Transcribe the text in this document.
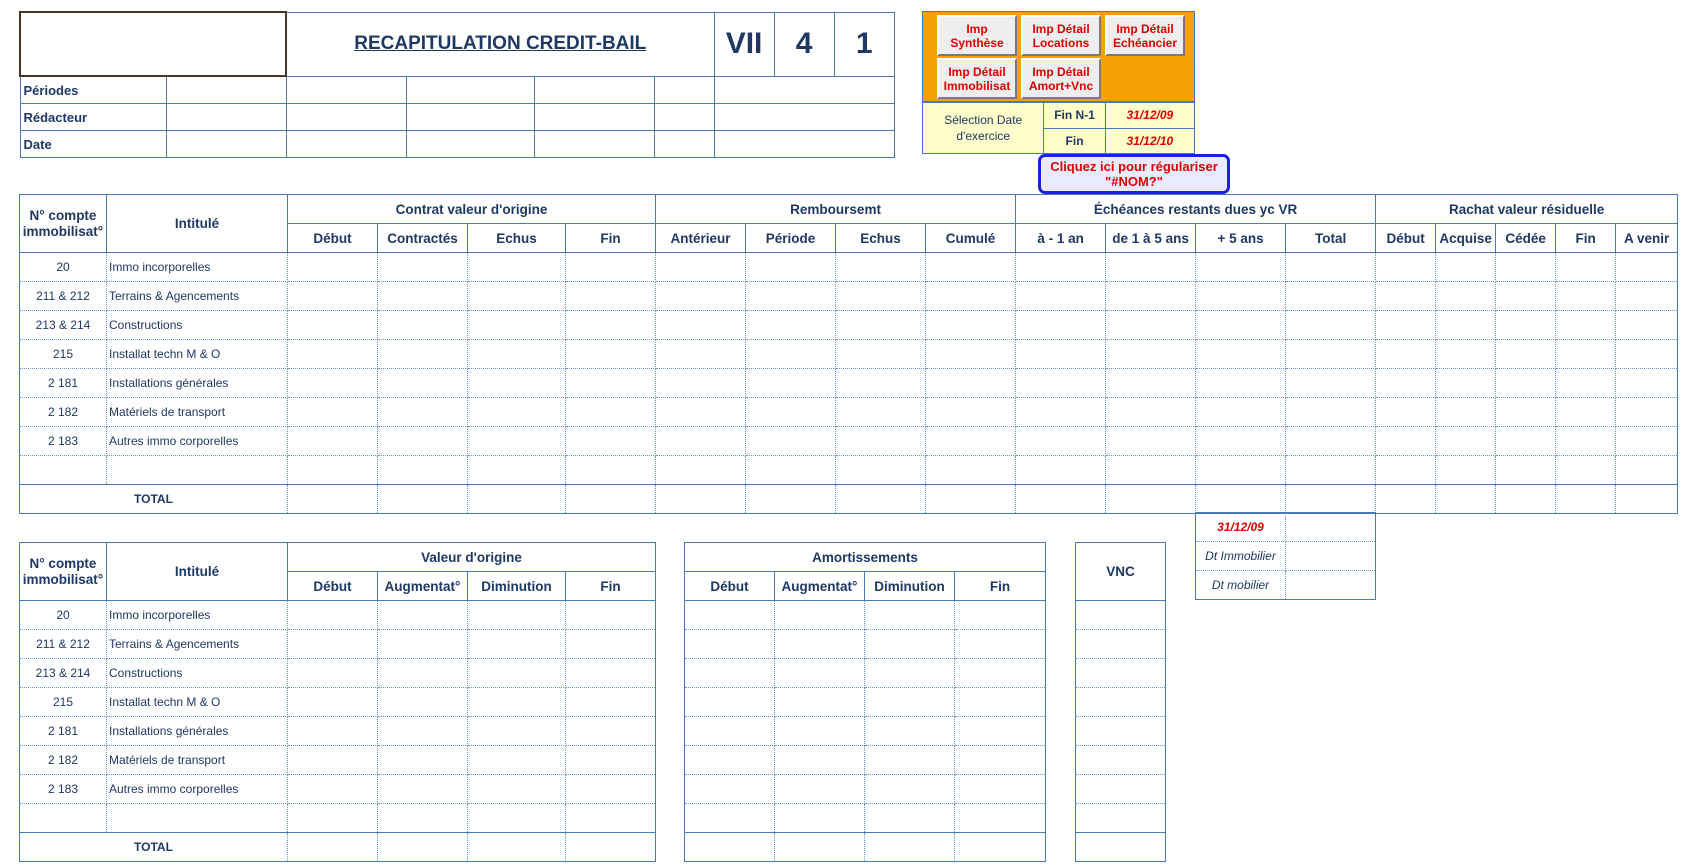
		RECAPITULATION CREDIT-BAIL				VII	4	1
Périodes								
Rédacteur								
Date								
Imp Synthèse
Imp Détail Locations
Imp Détail Echéancier
Imp Détail Immobilisat
Imp Détail Amort+Vnc
Sélection Date d'exercice	Fin N-1	31/12/09
	Fin	31/12/10
Cliquez ici pour régulariser "#NOM?"
N° compte immobilisat°	Intitulé	Contrat valeur d'origine				Remboursemt				Échéances restants dues yc VR				Rachat valeur résiduelle				
		Début	Contractés	Echus	Fin	Antérieur	Période	Echus	Cumulé	à - 1 an	de 1 à 5 ans	+ 5 ans	Total	Début	Acquise	Cédée	Fin	A venir
20	Immo incorporelles																	
211 & 212	Terrains & Agencements																	
213 & 214	Constructions																	
215	Installat techn M & O																	
2 181	Installations générales																	
2 182	Matériels de transport																	
2 183	Autres immo corporelles																	

TOTAL																		
31/12/09	
Dt Immobilier	
Dt mobilier	
N° compte immobilisat°	Intitulé	Valeur d'origine			
		Début	Augmentat°	Diminution	Fin
20	Immo incorporelles				
211 & 212	Terrains & Agencements				
213 & 214	Constructions				
215	Installat techn M & O				
2 181	Installations générales				
2 182	Matériels de transport				
2 183	Autres immo corporelles				

TOTAL					
Amortissements			
Début	Augmentat°	Diminution	Fin

VNC
